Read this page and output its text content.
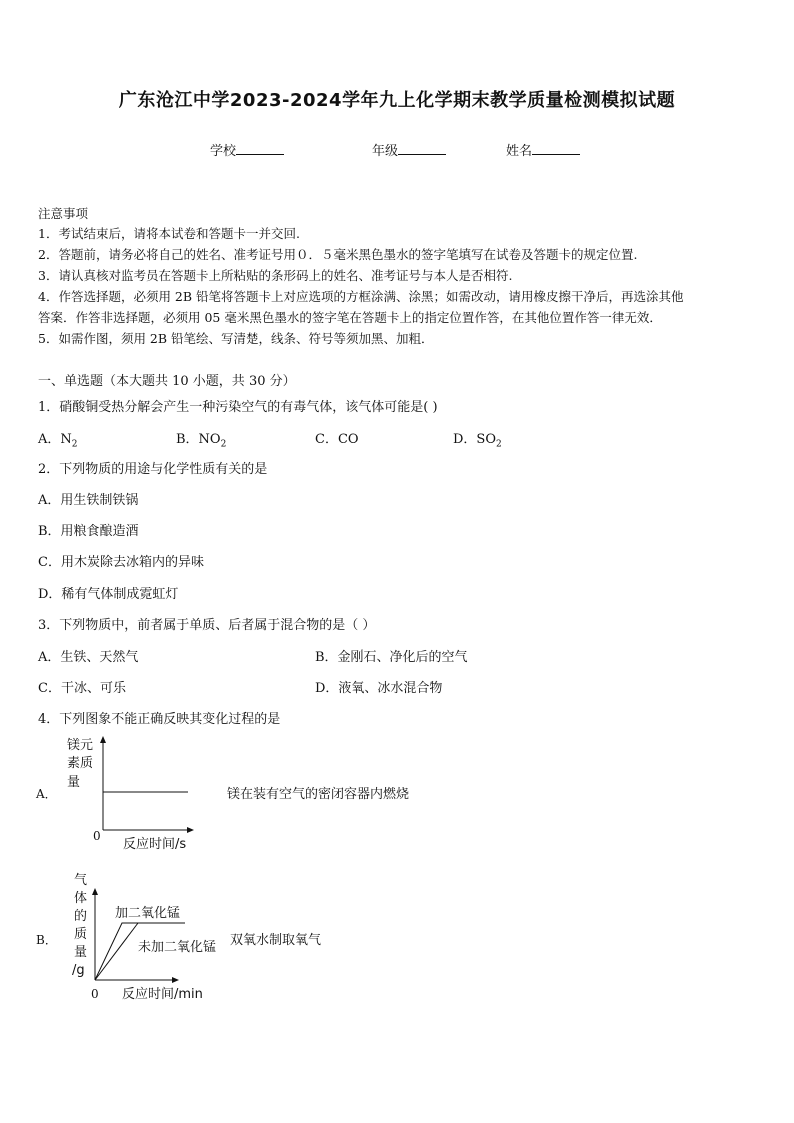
广东沧江中学2023-2024学年九上化学期末教学质量检测模拟试题
学校	年级	姓名
注意事项
1．考试结束后，请将本试卷和答题卡一并交回.
2．答题前，请务必将自己的姓名、准考证号用０．５毫米黑色墨水的签字笔填写在试卷及答题卡的规定位置.
3．请认真核对监考员在答题卡上所粘贴的条形码上的姓名、准考证号与本人是否相符.
4．作答选择题，必须用 2B 铅笔将答题卡上对应选项的方框涂满、涂黑；如需改动，请用橡皮擦干净后，再选涂其他
答案．作答非选择题，必须用 05 毫米黑色墨水的签字笔在答题卡上的指定位置作答，在其他位置作答一律无效．
5．如需作图，须用 2B 铅笔绘、写清楚，线条、符号等须加黑、加粗．
一、单选题（本大题共 10 小题，共 30 分）
1．硝酸铜受热分解会产生一种污染空气的有毒气体，该气体可能是( )
A．$N_2$	B．$NO_2$	C．CO	D．$SO_2$
2．下列物质的用途与化学性质有关的是
A．用生铁制铁锅
B．用粮食酿造酒
C．用木炭除去冰箱内的异味
D．稀有气体制成霓虹灯
3．下列物质中，前者属于单质、后者属于混合物的是（ ）
A．生铁、天然气	B．金刚石、净化后的空气
C．干冰、可乐	D．液氧、冰水混合物
4．下列图象不能正确反映其变化过程的是
A．
镁元
素质
量
0
反应时间/s
镁在装有空气的密闭容器内燃烧
B．
气
体
的
质
量
/g
加二氧化锰
未加二氧化锰 双氧水制取氧气
0 反应时间/min
